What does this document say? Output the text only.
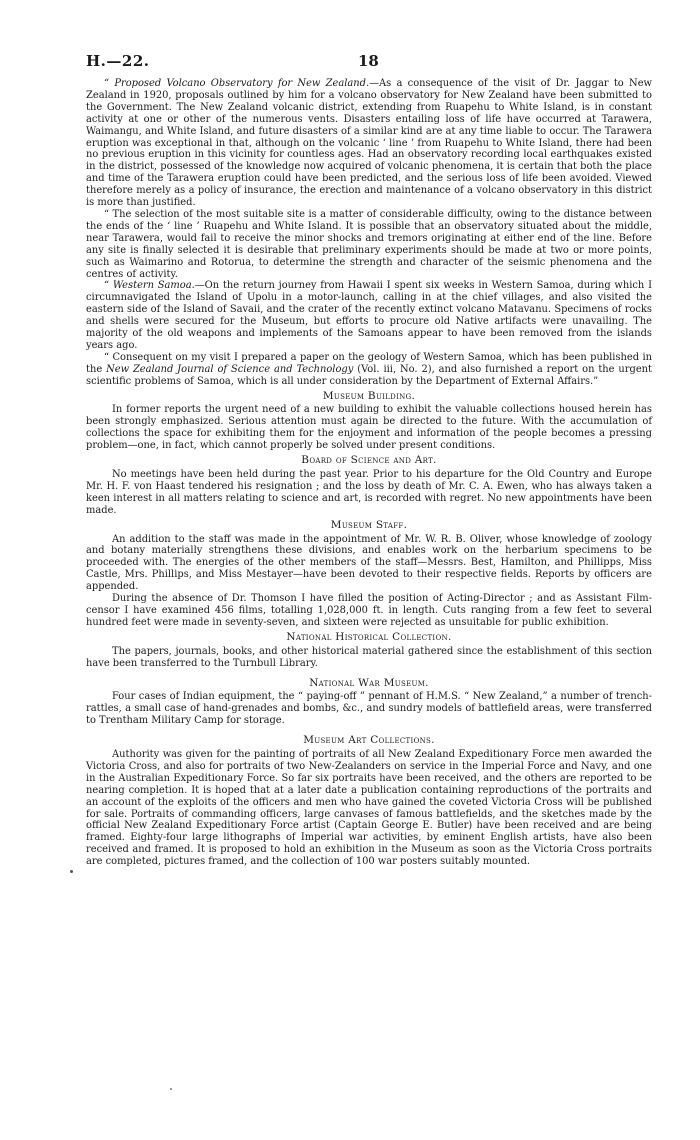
H.—22.	18

“ Proposed Volcano Observatory for New Zealand.—As a consequence of the visit of Dr. Jaggar to New Zealand in 1920, proposals outlined by him for a volcano observatory for New Zealand have been submitted to the Government. The New Zealand volcanic district, extending from Ruapehu to White Island, is in constant activity at one or other of the numerous vents. Disasters entailing loss of life have occurred at Tarawera, Waimangu, and White Island, and future disasters of a similar kind are at any time liable to occur. The Tarawera eruption was exceptional in that, although on the volcanic ‘ line ’ from Ruapehu to White Island, there had been no previous eruption in this vicinity for countless ages. Had an observatory recording local earthquakes existed in the district, possessed of the knowledge now acquired of volcanic phenomena, it is certain that both the place and time of the Tarawera eruption could have been predicted, and the serious loss of life been avoided. Viewed therefore merely as a policy of insurance, the erection and maintenance of a volcano observatory in this district is more than justified.

“ The selection of the most suitable site is a matter of considerable difficulty, owing to the distance between the ends of the ‘ line ’ Ruapehu and White Island. It is possible that an observatory situated about the middle, near Tarawera, would fail to receive the minor shocks and tremors originating at either end of the line. Before any site is finally selected it is desirable that preliminary experiments should be made at two or more points, such as Waimarino and Rotorua, to determine the strength and character of the seismic phenomena and the centres of activity.

“ Western Samoa.—On the return journey from Hawaii I spent six weeks in Western Samoa, during which I circumnavigated the Island of Upolu in a motor-launch, calling in at the chief villages, and also visited the eastern side of the Island of Savaii, and the crater of the recently extinct volcano Matavanu. Specimens of rocks and shells were secured for the Museum, but efforts to procure old Native artifacts were unavailing. The majority of the old weapons and implements of the Samoans appear to have been removed from the islands years ago.

“ Consequent on my visit I prepared a paper on the geology of Western Samoa, which has been published in the New Zealand Journal of Science and Technology (Vol. iii, No. 2), and also furnished a report on the urgent scientific problems of Samoa, which is all under consideration by the Department of External Affairs.”

Museum Building.

In former reports the urgent need of a new building to exhibit the valuable collections housed herein has been strongly emphasized. Serious attention must again be directed to the future. With the accumulation of collections the space for exhibiting them for the enjoyment and information of the people becomes a pressing problem—one, in fact, which cannot properly be solved under present conditions.

Board of Science and Art.

No meetings have been held during the past year. Prior to his departure for the Old Country and Europe Mr. H. F. von Haast tendered his resignation ; and the loss by death of Mr. C. A. Ewen, who has always taken a keen interest in all matters relating to science and art, is recorded with regret. No new appointments have been made.

Museum Staff.

An addition to the staff was made in the appointment of Mr. W. R. B. Oliver, whose knowledge of zoology and botany materially strengthens these divisions, and enables work on the herbarium specimens to be proceeded with. The energies of the other members of the staff—Messrs. Best, Hamilton, and Phillipps, Miss Castle, Mrs. Phillips, and Miss Mestayer—have been devoted to their respective fields. Reports by officers are appended.

During the absence of Dr. Thomson I have filled the position of Acting-Director ; and as Assistant Film-censor I have examined 456 films, totalling 1,028,000 ft. in length. Cuts ranging from a few feet to several hundred feet were made in seventy-seven, and sixteen were rejected as unsuitable for public exhibition.

National Historical Collection.

The papers, journals, books, and other historical material gathered since the establishment of this section have been transferred to the Turnbull Library.

National War Museum.

Four cases of Indian equipment, the “ paying-off ” pennant of H.M.S. “ New Zealand,” a number of trench-rattles, a small case of hand-grenades and bombs, &c., and sundry models of battlefield areas, were transferred to Trentham Military Camp for storage.

Museum Art Collections.

Authority was given for the painting of portraits of all New Zealand Expeditionary Force men awarded the Victoria Cross, and also for portraits of two New-Zealanders on service in the Imperial Force and Navy, and one in the Australian Expeditionary Force. So far six portraits have been received, and the others are reported to be nearing completion. It is hoped that at a later date a publication containing reproductions of the portraits and an account of the exploits of the officers and men who have gained the coveted Victoria Cross will be published for sale. Portraits of commanding officers, large canvases of famous battlefields, and the sketches made by the official New Zealand Expeditionary Force artist (Captain George E. Butler) have been received and are being framed. Eighty-four large lithographs of Imperial war activities, by eminent English artists, have also been received and framed. It is proposed to hold an exhibition in the Museum as soon as the Victoria Cross portraits are completed, pictures framed, and the collection of 100 war posters suitably mounted.
